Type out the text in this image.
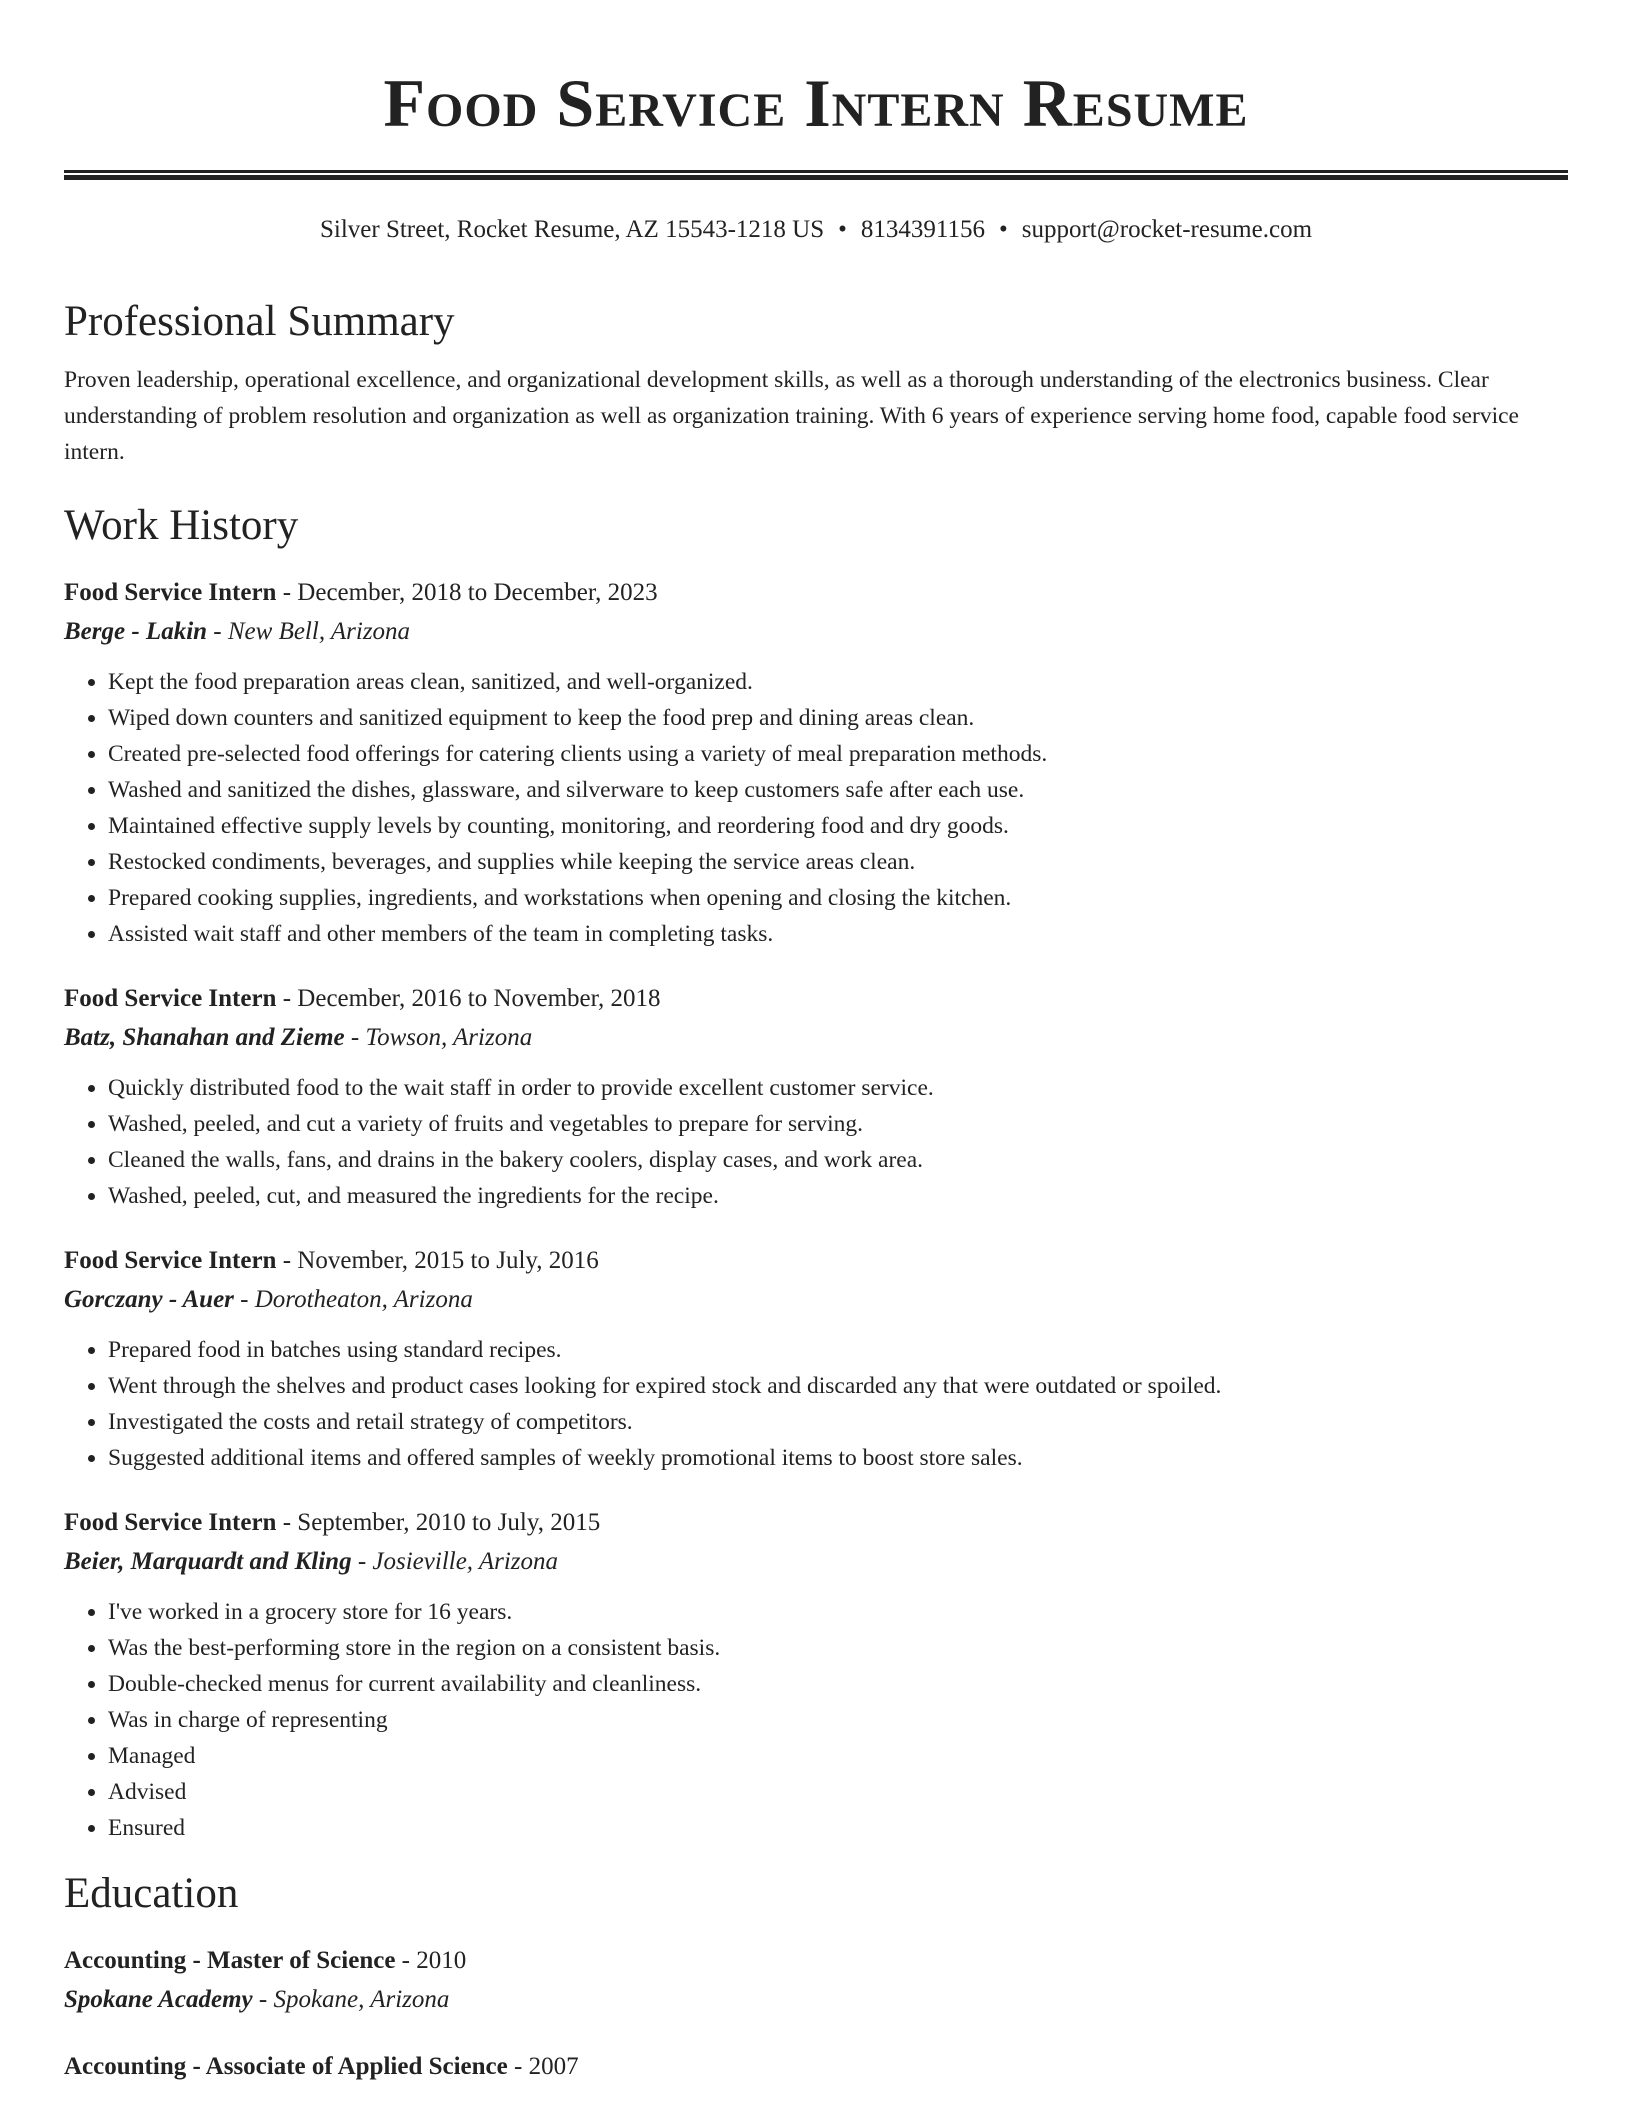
Food Service Intern Resume
Silver Street, Rocket Resume, AZ 15543-1218 US • 8134391156 • support@rocket-resume.com
Professional Summary
Proven leadership, operational excellence, and organizational development skills, as well as a thorough understanding of the electronics business. Clear understanding of problem resolution and organization as well as organization training. With 6 years of experience serving home food, capable food service intern.
Work History
Food Service Intern - December, 2018 to December, 2023
Berge - Lakin - New Bell, Arizona
• Kept the food preparation areas clean, sanitized, and well-organized.
• Wiped down counters and sanitized equipment to keep the food prep and dining areas clean.
• Created pre-selected food offerings for catering clients using a variety of meal preparation methods.
• Washed and sanitized the dishes, glassware, and silverware to keep customers safe after each use.
• Maintained effective supply levels by counting, monitoring, and reordering food and dry goods.
• Restocked condiments, beverages, and supplies while keeping the service areas clean.
• Prepared cooking supplies, ingredients, and workstations when opening and closing the kitchen.
• Assisted wait staff and other members of the team in completing tasks.
Food Service Intern - December, 2016 to November, 2018
Batz, Shanahan and Zieme - Towson, Arizona
• Quickly distributed food to the wait staff in order to provide excellent customer service.
• Washed, peeled, and cut a variety of fruits and vegetables to prepare for serving.
• Cleaned the walls, fans, and drains in the bakery coolers, display cases, and work area.
• Washed, peeled, cut, and measured the ingredients for the recipe.
Food Service Intern - November, 2015 to July, 2016
Gorczany - Auer - Dorotheaton, Arizona
• Prepared food in batches using standard recipes.
• Went through the shelves and product cases looking for expired stock and discarded any that were outdated or spoiled.
• Investigated the costs and retail strategy of competitors.
• Suggested additional items and offered samples of weekly promotional items to boost store sales.
Food Service Intern - September, 2010 to July, 2015
Beier, Marquardt and Kling - Josieville, Arizona
• I've worked in a grocery store for 16 years.
• Was the best-performing store in the region on a consistent basis.
• Double-checked menus for current availability and cleanliness.
• Was in charge of representing
• Managed
• Advised
• Ensured
Education
Accounting - Master of Science - 2010
Spokane Academy - Spokane, Arizona
Accounting - Associate of Applied Science - 2007
